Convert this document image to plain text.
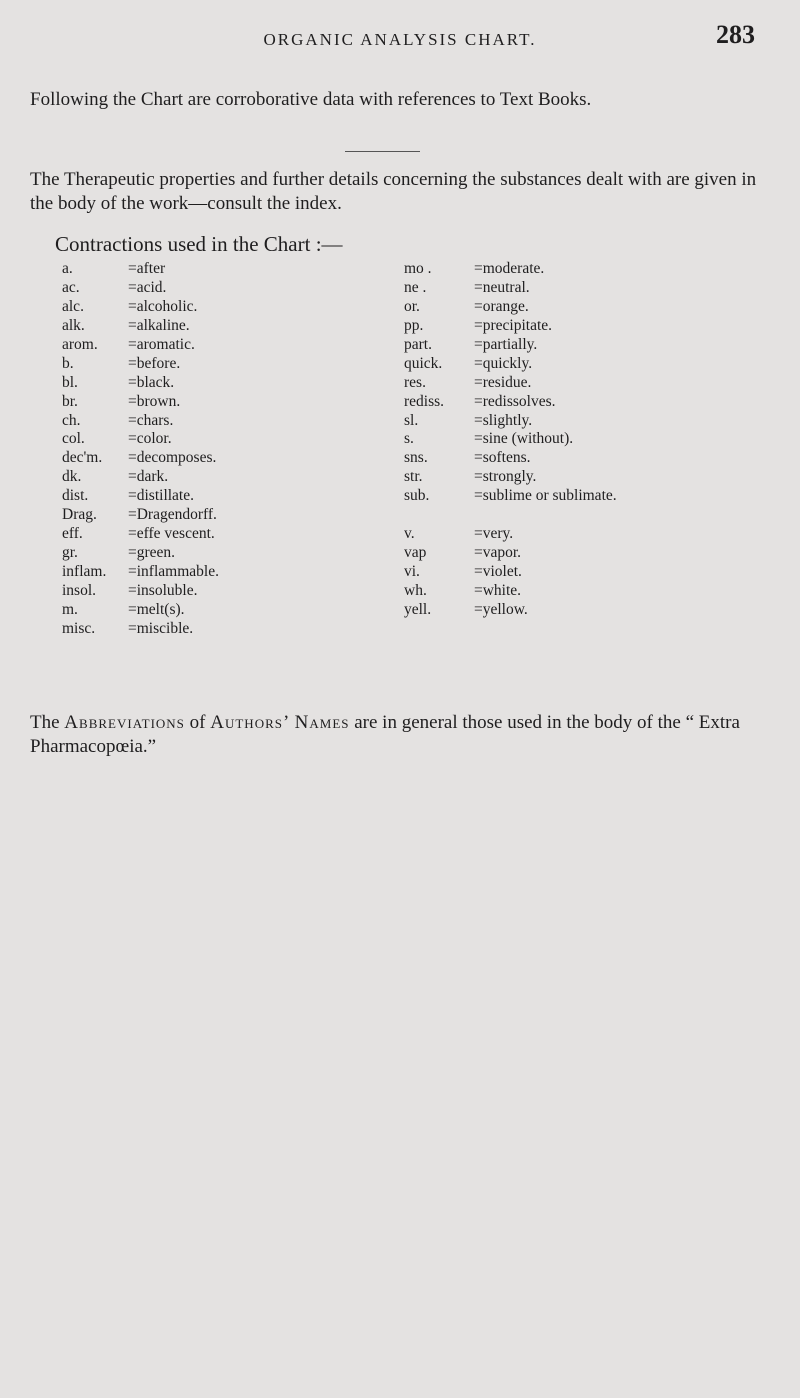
ORGANIC ANALYSIS CHART.	283
Following the Chart are corroborative data with references to Text Books.
The Therapeutic properties and further details concerning the substances dealt with are given in the body of the work—consult the index.
Contractions used in the Chart :—
a.	=after
ac.	=acid.
alc.	=alcoholic.
alk.	=alkaline.
arom. =aromatic.
b.	=before.
bl.	=black.
br.	=brown.
ch.	=chars.
col.	=color.
dec'm. =decomposes.
dk.	=dark.
dist.	=distillate.
Drag. =Dragendorff.
eff.	=effe vescent.
gr.	=green.
inflam. =inflammable.
insol. =insoluble.
m.	=melt(s).
misc. =miscible.
mo .	=moderate.
ne .	=neutral.
or.	=orange.
pp.	=precipitate.
part.	=partially.
quick. =quickly.
res.	=residue.
rediss. =redissolves.
sl.	=slightly.
s.	=sine (without).
sns.	=softens.
str.	=strongly.
sub.	=sublime or sublimate.
v.	=very.
vap	=vapor.
vi.	=violet.
wh.	=white.
yell.	=yellow.
The Abbreviations of Authors’ Names are in general those used in the body of the “ Extra Pharmacopœia.”
